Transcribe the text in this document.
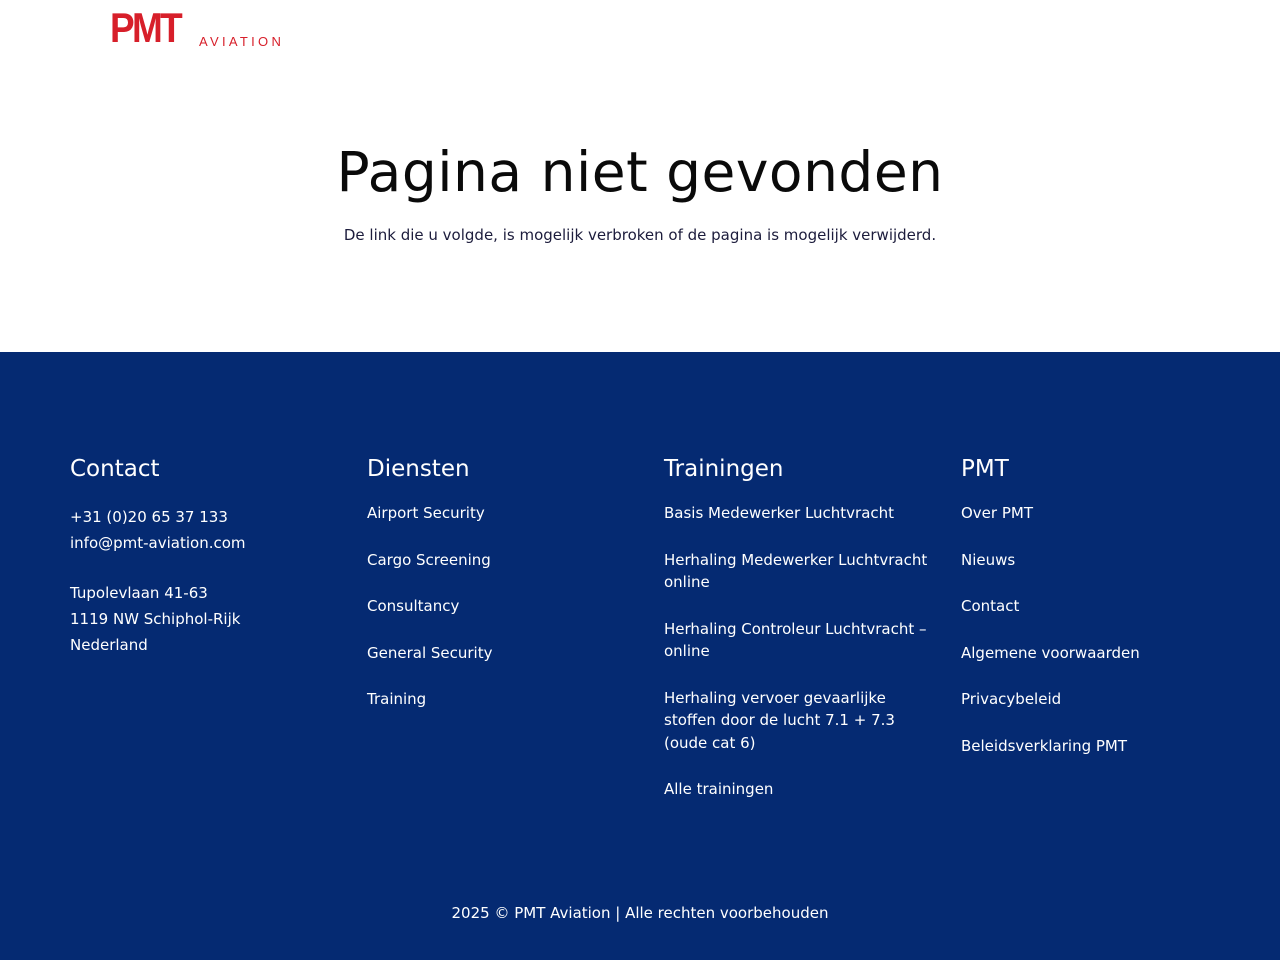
PMT	AVIATION
Pagina niet gevonden

De link die u volgde, is mogelijk verbroken of de pagina is mogelijk verwijderd.

Contact
+31 (0)20 65 37 133
info@pmt-aviation.com
Tupolevlaan 41-63
1119 NW Schiphol-Rijk
Nederland
Diensten
Airport Security
Cargo Screening
Consultancy
General Security
Training
Trainingen
Basis Medewerker Luchtvracht
Herhaling Medewerker Luchtvracht online
Herhaling Controleur Luchtvracht – online
Herhaling vervoer gevaarlijke stoffen door de lucht 7.1 + 7.3 (oude cat 6)
Alle trainingen
PMT
Over PMT
Nieuws
Contact
Algemene voorwaarden
Privacybeleid
Beleidsverklaring PMT
2025 © PMT Aviation | Alle rechten voorbehouden
